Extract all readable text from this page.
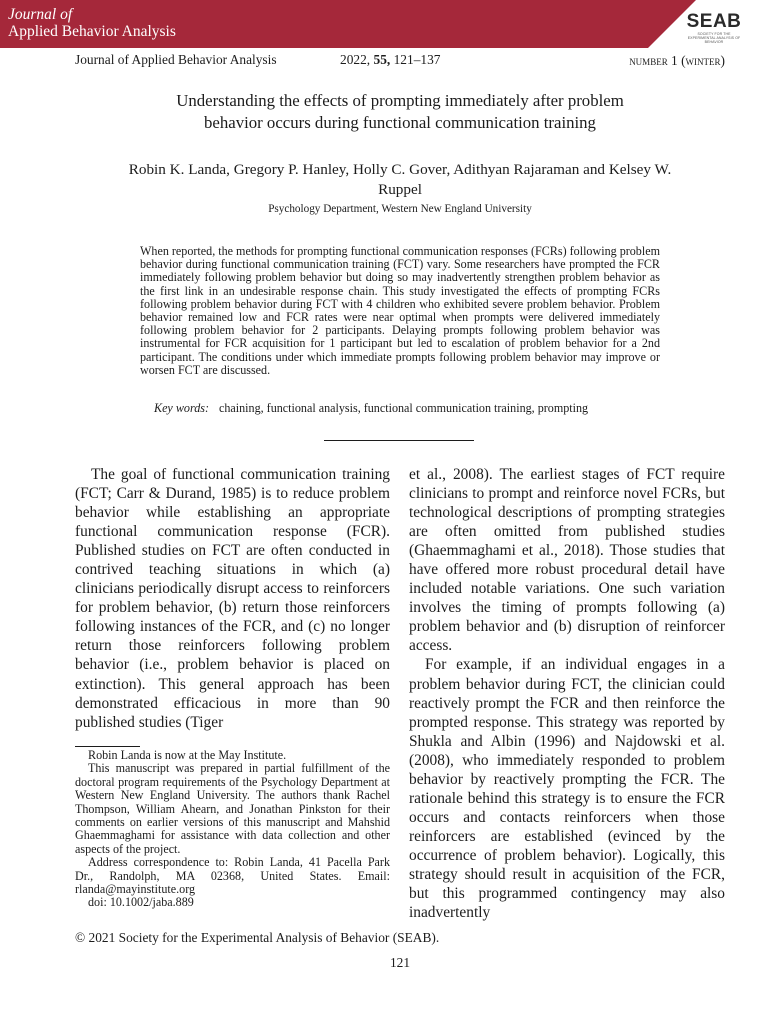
Journal of
Applied Behavior Analysis	SEAB
SOCIETY FOR THE EXPERIMENTAL ANALYSIS OF BEHAVIOR
Journal of Applied Behavior Analysis	2022, 55, 121–137	number 1 (winter)
Understanding the effects of prompting immediately after problem behavior occurs during functional communication training
Robin K. Landa, Gregory P. Hanley, Holly C. Gover, Adithyan Rajaraman and Kelsey W. Ruppel
Psychology Department, Western New England University
When reported, the methods for prompting functional communication responses (FCRs) following problem behavior during functional communication training (FCT) vary. Some researchers have prompted the FCR immediately following problem behavior but doing so may inadvertently strengthen problem behavior as the first link in an undesirable response chain. This study investigated the effects of prompting FCRs following problem behavior during FCT with 4 children who exhibited severe problem behavior. Problem behavior remained low and FCR rates were near optimal when prompts were delivered immediately following problem behavior for 2 participants. Delaying prompts following problem behavior was instrumental for FCR acquisition for 1 participant but led to escalation of problem behavior for a 2nd participant. The conditions under which immediate prompts following problem behavior may improve or worsen FCT are discussed.
Key words: chaining, functional analysis, functional communication training, prompting

The goal of functional communication training (FCT; Carr & Durand, 1985) is to reduce problem behavior while establishing an appropriate functional communication response (FCR). Published studies on FCT are often conducted in contrived teaching situations in which (a) clinicians periodically disrupt access to reinforcers for problem behavior, (b) return those reinforcers following instances of the FCR, and (c) no longer return those reinforcers following problem behavior (i.e., problem behavior is placed on extinction). This general approach has been demonstrated efficacious in more than 90 published studies (Tiger

et al., 2008). The earliest stages of FCT require clinicians to prompt and reinforce novel FCRs, but technological descriptions of prompting strategies are often omitted from published studies (Ghaemmaghami et al., 2018). Those studies that have offered more robust procedural detail have included notable variations. One such variation involves the timing of prompts following (a) problem behavior and (b) disruption of reinforcer access.

For example, if an individual engages in a problem behavior during FCT, the clinician could reactively prompt the FCR and then reinforce the prompted response. This strategy was reported by Shukla and Albin (1996) and Najdowski et al. (2008), who immediately responded to problem behavior by reactively prompting the FCR. The rationale behind this strategy is to ensure the FCR occurs and contacts reinforcers when those reinforcers are established (evinced by the occurrence of problem behavior). Logically, this strategy should result in acquisition of the FCR, but this programmed contingency may also inadvertently

Robin Landa is now at the May Institute.

This manuscript was prepared in partial fulfillment of the doctoral program requirements of the Psychology Department at Western New England University. The authors thank Rachel Thompson, William Ahearn, and Jonathan Pinkston for their comments on earlier versions of this manuscript and Mahshid Ghaemmaghami for assistance with data collection and other aspects of the project.

Address correspondence to: Robin Landa, 41 Pacella Park Dr., Randolph, MA 02368, United States. Email: rlanda@mayinstitute.org

doi: 10.1002/jaba.889

© 2021 Society for the Experimental Analysis of Behavior (SEAB).
121
